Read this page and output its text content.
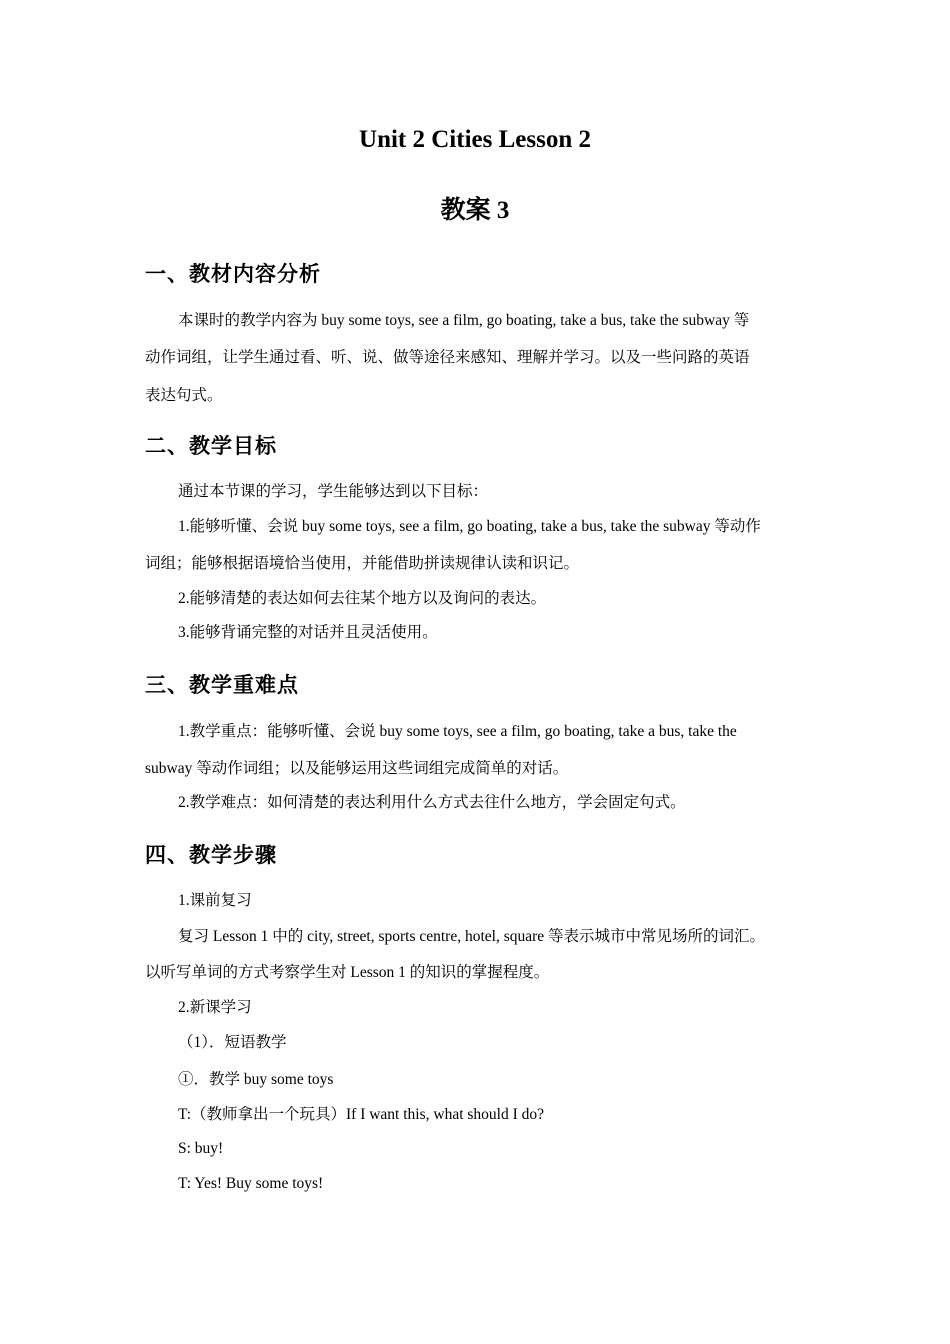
Unit 2 Cities Lesson 2
教案 3
一、教材内容分析
本课时的教学内容为 buy some toys, see a film, go boating, take a bus, take the subway 等
动作词组，让学生通过看、听、说、做等途径来感知、理解并学习。以及一些问路的英语
表达句式。
二、教学目标
通过本节课的学习，学生能够达到以下目标：
1.能够听懂、会说 buy some toys, see a film, go boating, take a bus, take the subway 等动作
词组；能够根据语境恰当使用，并能借助拼读规律认读和识记。
2.能够清楚的表达如何去往某个地方以及询问的表达。
3.能够背诵完整的对话并且灵活使用。
三、教学重难点
1.教学重点：能够听懂、会说 buy some toys, see a film, go boating, take a bus, take the
subway 等动作词组；以及能够运用这些词组完成简单的对话。
2.教学难点：如何清楚的表达利用什么方式去往什么地方，学会固定句式。
四、教学步骤
1.课前复习
复习 Lesson 1 中的 city, street, sports centre, hotel, square 等表示城市中常见场所的词汇。
以听写单词的方式考察学生对 Lesson 1 的知识的掌握程度。
2.新课学习
（1）．短语教学
①．教学 buy some toys
T:（教师拿出一个玩具）If I want this, what should I do?
S: buy!
T: Yes! Buy some toys!
